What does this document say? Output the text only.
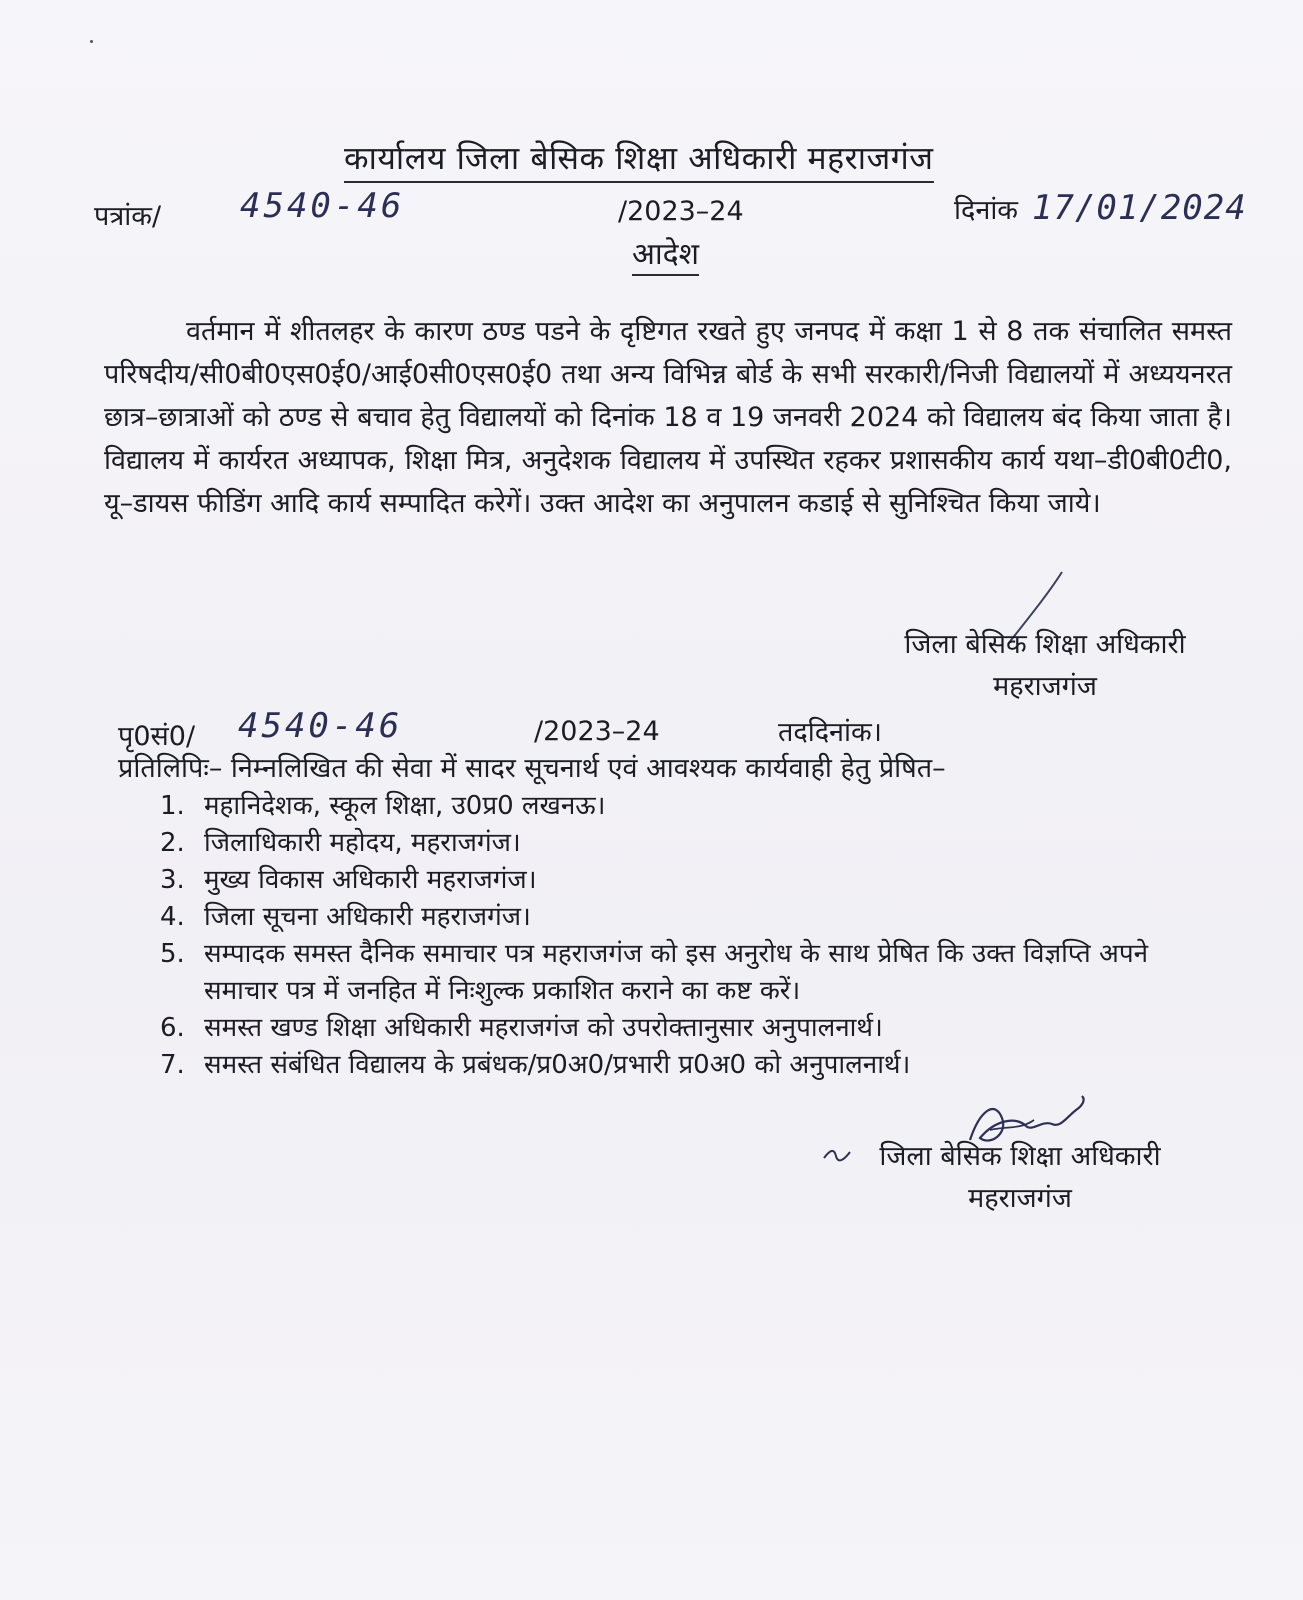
कार्यालय जिला बेसिक शिक्षा अधिकारी महराजगंज
पत्रांक/ 4540-46	/2023–24	दिनांक 17/01/2024
आदेश

वर्तमान में शीतलहर के कारण ठण्ड पडने के दृष्टिगत रखते हुए जनपद में कक्षा 1 से 8 तक संचालित समस्त परिषदीय/सी0बी0एस0ई0/आई0सी0एस0ई0 तथा अन्य विभिन्न बोर्ड के सभी सरकारी/निजी विद्यालयों में अध्ययनरत छात्र–छात्राओं को ठण्ड से बचाव हेतु विद्यालयों को दिनांक 18 व 19 जनवरी 2024 को विद्यालय बंद किया जाता है। विद्यालय में कार्यरत अध्यापक, शिक्षा मित्र, अनुदेशक विद्यालय में उपस्थित रहकर प्रशासकीय कार्य यथा–डी0बी0टी0, यू–डायस फीडिंग आदि कार्य सम्पादित करेगें। उक्त आदेश का अनुपालन कडाई से सुनिश्चित किया जाये।

जिला बेसिक शिक्षा अधिकारी
महराजगंज
पृ0सं0/ 4540-46	/2023–24	तददिनांक।
प्रतिलिपिः– निम्नलिखित की सेवा में सादर सूचनार्थ एवं आवश्यक कार्यवाही हेतु प्रेषित–
1. महानिदेशक, स्कूल शिक्षा, उ0प्र0 लखनऊ।
2. जिलाधिकारी महोदय, महराजगंज।
3. मुख्य विकास अधिकारी महराजगंज।
4. जिला सूचना अधिकारी महराजगंज।
5. सम्पादक समस्त दैनिक समाचार पत्र महराजगंज को इस अनुरोध के साथ प्रेषित कि उक्त विज्ञप्ति अपने समाचार पत्र में जनहित में निःशुल्क प्रकाशित कराने का कष्ट करें।
6. समस्त खण्ड शिक्षा अधिकारी महराजगंज को उपरोक्तानुसार अनुपालनार्थ।
7. समस्त संबंधित विद्यालय के प्रबंधक/प्र0अ0/प्रभारी प्र0अ0 को अनुपालनार्थ।
जिला बेसिक शिक्षा अधिकारी
महराजगंज
